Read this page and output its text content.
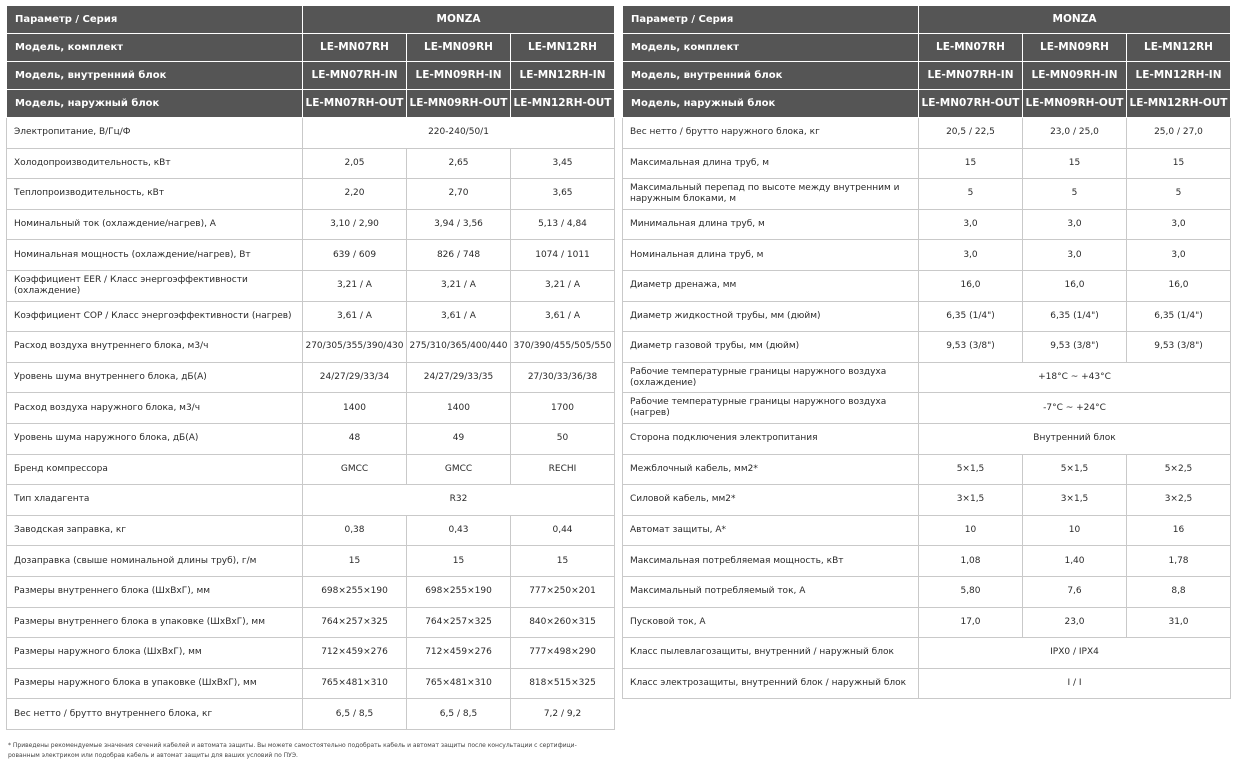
Параметр / Серия	MONZA		
Модель, комплект	LE-MN07RH	LE-MN09RH	LE-MN12RH
Модель, внутренний блок	LE-MN07RH-IN	LE-MN09RH-IN	LE-MN12RH-IN
Модель, наружный блок	LE-MN07RH-OUT	LE-MN09RH-OUT	LE-MN12RH-OUT
Электропитание, В/Гц/Ф	220-240/50/1		
Холодопроизводительность, кВт	2,05	2,65	3,45
Теплопроизводительность, кВт	2,20	2,70	3,65
Номинальный ток (охлаждение/нагрев), А	3,10 / 2,90	3,94 / 3,56	5,13 / 4,84
Номинальная мощность (охлаждение/нагрев), Вт	639 / 609	826 / 748	1074 / 1011
Коэффициент EER / Класс энергоэффективности (охлаждение)	3,21 / A	3,21 / A	3,21 / A
Коэффициент COP / Класс энергоэффективности (нагрев)	3,61 / A	3,61 / A	3,61 / A
Расход воздуха внутреннего блока, м3/ч	270/305/355/390/430	275/310/365/400/440	370/390/455/505/550
Уровень шума внутреннего блока, дБ(А)	24/27/29/33/34	24/27/29/33/35	27/30/33/36/38
Расход воздуха наружного блока, м3/ч	1400	1400	1700
Уровень шума наружного блока, дБ(А)	48	49	50
Бренд компрессора	GMCC	GMCC	RECHI
Тип хладагента	R32		
Заводская заправка, кг	0,38	0,43	0,44
Дозаправка (свыше номинальной длины труб), г/м	15	15	15
Размеры внутреннего блока (ШхВхГ), мм	698×255×190	698×255×190	777×250×201
Размеры внутреннего блока в упаковке (ШхВхГ), мм	764×257×325	764×257×325	840×260×315
Размеры наружного блока (ШхВхГ), мм	712×459×276	712×459×276	777×498×290
Размеры наружного блока в упаковке (ШхВхГ), мм	765×481×310	765×481×310	818×515×325
Вес нетто / брутто внутреннего блока, кг	6,5 / 8,5	6,5 / 8,5	7,2 / 9,2
Параметр / Серия	MONZA		
Модель, комплект	LE-MN07RH	LE-MN09RH	LE-MN12RH
Модель, внутренний блок	LE-MN07RH-IN	LE-MN09RH-IN	LE-MN12RH-IN
Модель, наружный блок	LE-MN07RH-OUT	LE-MN09RH-OUT	LE-MN12RH-OUT
Вес нетто / брутто наружного блока, кг	20,5 / 22,5	23,0 / 25,0	25,0 / 27,0
Максимальная длина труб, м	15	15	15
Максимальный перепад по высоте между внутренним и наружным блоками, м	5	5	5
Минимальная длина труб, м	3,0	3,0	3,0
Номинальная длина труб, м	3,0	3,0	3,0
Диаметр дренажа, мм	16,0	16,0	16,0
Диаметр жидкостной трубы, мм (дюйм)	6,35 (1/4")	6,35 (1/4")	6,35 (1/4")
Диаметр газовой трубы, мм (дюйм)	9,53 (3/8")	9,53 (3/8")	9,53 (3/8")
Рабочие температурные границы наружного воздуха (охлаждение)	+18°С ~ +43°С		
Рабочие температурные границы наружного воздуха (нагрев)	-7°С ~ +24°С		
Сторона подключения электропитания	Внутренний блок		
Межблочный кабель, мм2*	5×1,5	5×1,5	5×2,5
Силовой кабель, мм2*	3×1,5	3×1,5	3×2,5
Автомат защиты, А*	10	10	16
Максимальная потребляемая мощность, кВт	1,08	1,40	1,78
Максимальный потребляемый ток, А	5,80	7,6	8,8
Пусковой ток, А	17,0	23,0	31,0
Класс пылевлагозащиты, внутренний / наружный блок	IPX0 / IPX4		
Класс электрозащиты, внутренний блок / наружный блок	I / I		
* Приведены рекомендуемые значения сечений кабелей и автомата защиты. Вы можете самостоятельно подобрать кабель и автомат защиты после консультации с сертифици-
рованным электриком или подобрав кабель и автомат защиты для ваших условий по ПУЭ.
